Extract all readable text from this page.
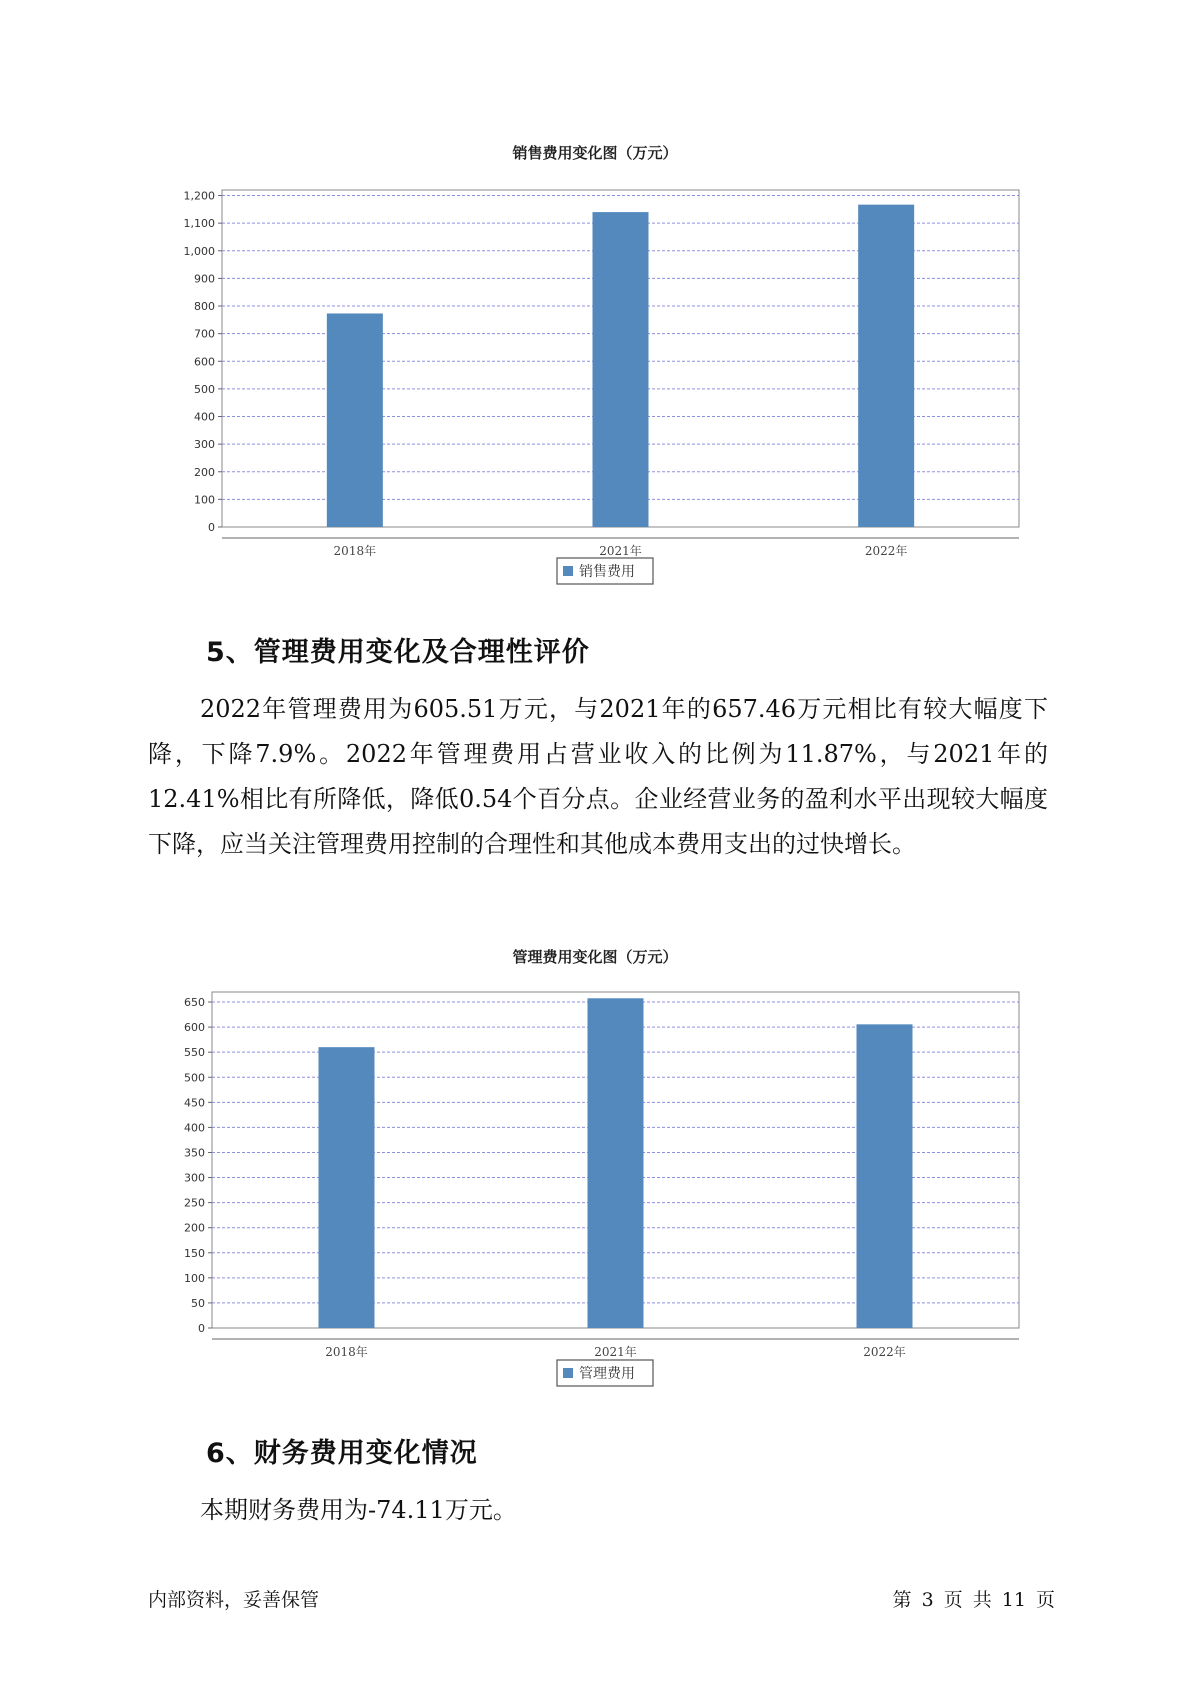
销售费用变化图（万元）
0
100
200
300
400
500
600
700
800
900
1,000
1,100
1,200
2018年	2021年	2022年
销售费用
5、管理费用变化及合理性评价

2022年管理费用为605.51万元，与2021年的657.46万元相比有较大幅度下降，下降7.9%。2022年管理费用占营业收入的比例为11.87%，与2021年的12.41%相比有所降低，降低0.54个百分点。企业经营业务的盈利水平出现较大幅度下降，应当关注管理费用控制的合理性和其他成本费用支出的过快增长。

管理费用变化图（万元）
0
50
100
150
200
250
300
350
400
450
500
550
600
650
2018年	2021年	2022年
管理费用
6、财务费用变化情况

本期财务费用为-74.11万元。

内部资料，妥善保管	第 3 页 共 11 页
